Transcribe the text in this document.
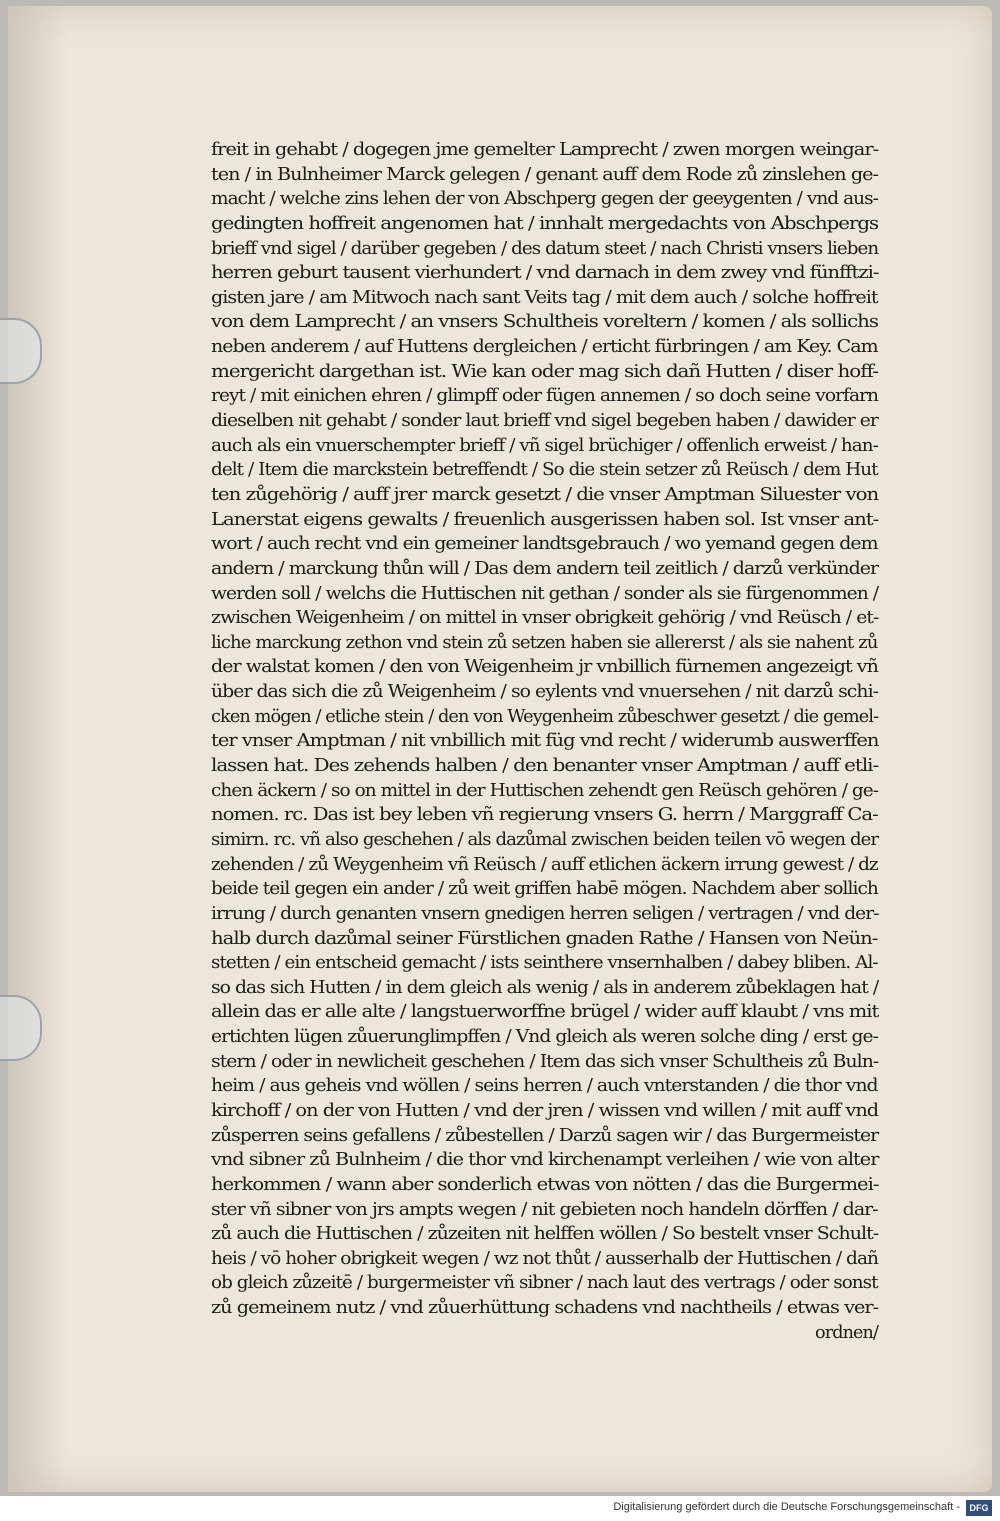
freit in gehabt / dogegen jme gemelter Lamprecht / zwen morgen weingar-
ten / in Bulnheimer Marck gelegen / genant auff dem Rode zů zinslehen ge-
macht / welche zins lehen der von Abschperg gegen der geeygenten / vnd aus-
gedingten hoffreit angenomen hat / innhalt mergedachts von Abschpergs
brieff vnd sigel / darüber gegeben / des datum steet / nach Christi vnsers lieben
herren geburt tausent vierhundert / vnd darnach in dem zwey vnd fünfftzi-
gisten jare / am Mitwoch nach sant Veits tag / mit dem auch / solche hoffreit
von dem Lamprecht / an vnsers Schultheis voreltern / komen / als sollichs
neben anderem / auf Huttens dergleichen / erticht fürbringen / am Key. Cam
mergericht dargethan ist. Wie kan oder mag sich dañ Hutten / diser hoff-
reyt / mit einichen ehren / glimpff oder fügen annemen / so doch seine vorfarn
dieselben nit gehabt / sonder laut brieff vnd sigel begeben haben / dawider er
auch als ein vnuerschempter brieff / vñ sigel brüchiger / offenlich erweist / han-
delt / Item die marckstein betreffendt / So die stein setzer zů Reüsch / dem Hut
ten zůgehörig / auff jrer marck gesetzt / die vnser Amptman Siluester von
Lanerstat eigens gewalts / freuenlich ausgerissen haben sol. Ist vnser ant-
wort / auch recht vnd ein gemeiner landtsgebrauch / wo yemand gegen dem
andern / marckung thůn will / Das dem andern teil zeitlich / darzů verkünder
werden soll / welchs die Huttischen nit gethan / sonder als sie fürgenommen /
zwischen Weigenheim / on mittel in vnser obrigkeit gehörig / vnd Reüsch / et-
liche marckung zethon vnd stein zů setzen haben sie allererst / als sie nahent zů
der walstat komen / den von Weigenheim jr vnbillich fürnemen angezeigt vñ
über das sich die zů Weigenheim / so eylents vnd vnuersehen / nit darzů schi-
cken mögen / etliche stein / den von Weygenheim zůbeschwer gesetzt / die gemel-
ter vnser Amptman / nit vnbillich mit füg vnd recht / widerumb auswerffen
lassen hat. Des zehends halben / den benanter vnser Amptman / auff etli-
chen äckern / so on mittel in der Huttischen zehendt gen Reüsch gehören / ge-
nomen. rc. Das ist bey leben vñ regierung vnsers G. herrn / Marggraff Ca-
simirn. rc. vñ also geschehen / als dazůmal zwischen beiden teilen vō wegen der
zehenden / zů Weygenheim vñ Reüsch / auff etlichen äckern irrung gewest / dz
beide teil gegen ein ander / zů weit griffen habē mögen. Nachdem aber sollich
irrung / durch genanten vnsern gnedigen herren seligen / vertragen / vnd der-
halb durch dazůmal seiner Fürstlichen gnaden Rathe / Hansen von Neün-
stetten / ein entscheid gemacht / ists seinthere vnsernhalben / dabey bliben. Al-
so das sich Hutten / in dem gleich als wenig / als in anderem zůbeklagen hat /
allein das er alle alte / langstuerworffne brügel / wider auff klaubt / vns mit
ertichten lügen zůuerunglimpffen / Vnd gleich als weren solche ding / erst ge-
stern / oder in newlicheit geschehen / Item das sich vnser Schultheis zů Buln-
heim / aus geheis vnd wöllen / seins herren / auch vnterstanden / die thor vnd
kirchoff / on der von Hutten / vnd der jren / wissen vnd willen / mit auff vnd
zůsperren seins gefallens / zůbestellen / Darzů sagen wir / das Burgermeister
vnd sibner zů Bulnheim / die thor vnd kirchenampt verleihen / wie von alter
herkommen / wann aber sonderlich etwas von nötten / das die Burgermei-
ster vñ sibner von jrs ampts wegen / nit gebieten noch handeln dörffen / dar-
zů auch die Huttischen / zůzeiten nit helffen wöllen / So bestelt vnser Schult-
heis / vō hoher obrigkeit wegen / wz not thůt / ausserhalb der Huttischen / dañ
ob gleich zůzeitē / burgermeister vñ sibner / nach laut des vertrags / oder sonst
zů gemeinem nutz / vnd zůuerhüttung schadens vnd nachtheils / etwas ver-
ordnen/
Digitalisierung gefördert durch die Deutsche Forschungsgemeinschaft -	DFG
